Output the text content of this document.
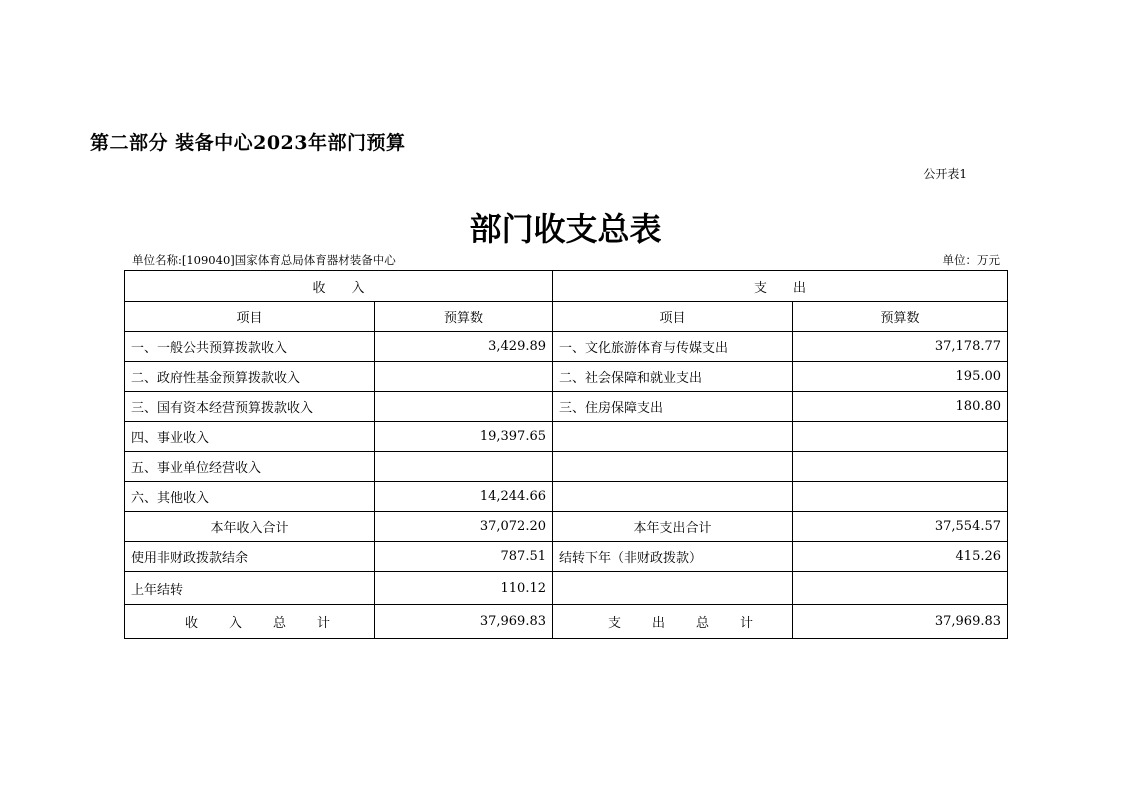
第二部分 装备中心2023年部门预算
公开表1
部门收支总表
单位名称:[109040]国家体育总局体育器材装备中心	单位：万元
收入		支出	
项目	预算数	项目	预算数
一、一般公共预算拨款收入	3,429.89	一、文化旅游体育与传媒支出	37,178.77
二、政府性基金预算拨款收入		二、社会保障和就业支出	195.00
三、国有资本经营预算拨款收入		三、住房保障支出	180.80
四、事业收入	19,397.65		
五、事业单位经营收入			
六、其他收入	14,244.66		
本年收入合计	37,072.20	本年支出合计	37,554.57
使用非财政拨款结余	787.51	结转下年（非财政拨款）	415.26
上年结转	110.12		
收入总计	37,969.83	支出总计	37,969.83
